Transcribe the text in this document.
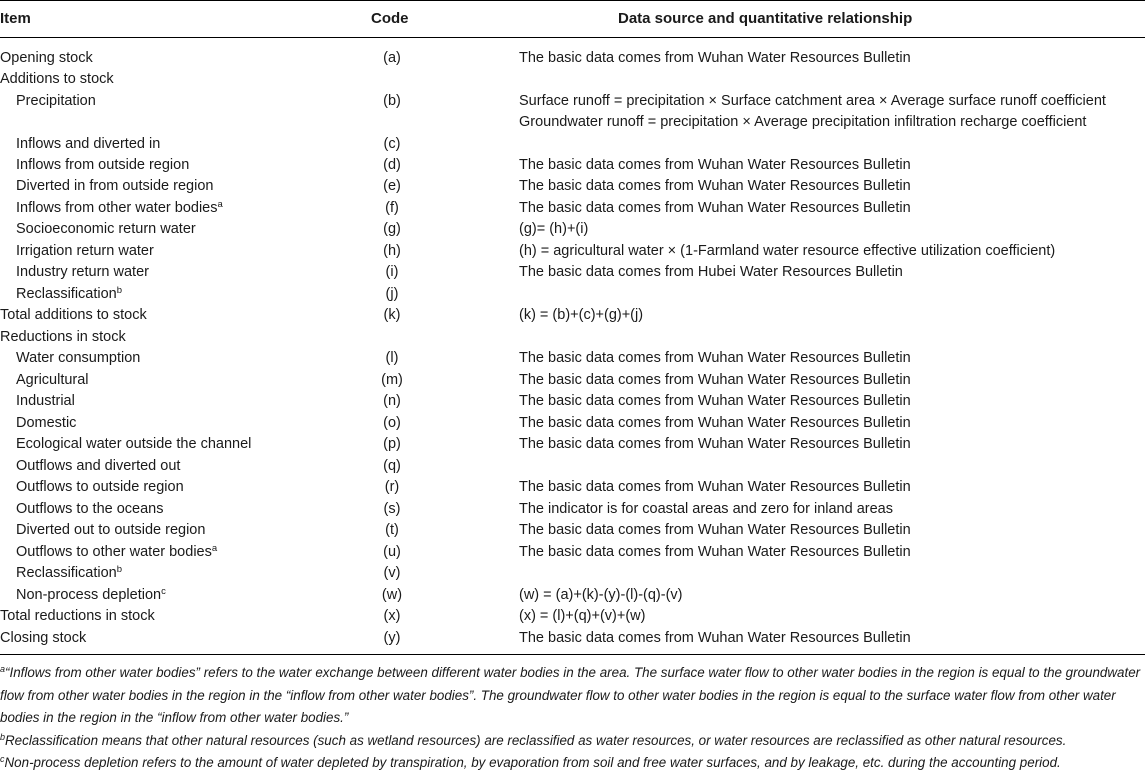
Item	Code	Data source and quantitative relationship
Opening stock	(a)	The basic data comes from Wuhan Water Resources Bulletin
Additions to stock
Precipitation	(b)	Surface runoff = precipitation × Surface catchment area × Average surface runoff coefficient
Groundwater runoff = precipitation × Average precipitation infiltration recharge coefficient
Inflows and diverted in	(c)
Inflows from outside region	(d)	The basic data comes from Wuhan Water Resources Bulletin
Diverted in from outside region	(e)	The basic data comes from Wuhan Water Resources Bulletin
Inflows from other water bodies$^a$	(f)	The basic data comes from Wuhan Water Resources Bulletin
Socioeconomic return water	(g)	(g)= (h)+(i)
Irrigation return water	(h)	(h) = agricultural water × (1-Farmland water resource effective utilization coefficient)
Industry return water	(i)	The basic data comes from Hubei Water Resources Bulletin
Reclassification$^b$	(j)
Total additions to stock	(k)	(k) = (b)+(c)+(g)+(j)
Reductions in stock
Water consumption	(l)	The basic data comes from Wuhan Water Resources Bulletin
Agricultural	(m)	The basic data comes from Wuhan Water Resources Bulletin
Industrial	(n)	The basic data comes from Wuhan Water Resources Bulletin
Domestic	(o)	The basic data comes from Wuhan Water Resources Bulletin
Ecological water outside the channel	(p)	The basic data comes from Wuhan Water Resources Bulletin
Outflows and diverted out	(q)
Outflows to outside region	(r)	The basic data comes from Wuhan Water Resources Bulletin
Outflows to the oceans	(s)	The indicator is for coastal areas and zero for inland areas
Diverted out to outside region	(t)	The basic data comes from Wuhan Water Resources Bulletin
Outflows to other water bodies$^a$	(u)	The basic data comes from Wuhan Water Resources Bulletin
Reclassification$^b$	(v)
Non-process depletion$^c$	(w)	(w) = (a)+(k)-(y)-(l)-(q)-(v)
Total reductions in stock	(x)	(x) = (l)+(q)+(v)+(w)
Closing stock	(y)	The basic data comes from Wuhan Water Resources Bulletin

$^a$“Inflows from other water bodies” refers to the water exchange between different water bodies in the area. The surface water flow to other water bodies in the region is equal to the groundwater flow from other water bodies in the region in the “inflow from other water bodies”. The groundwater flow to other water bodies in the region is equal to the surface water flow from other water bodies in the region in the “inflow from other water bodies.”

$^b$Reclassification means that other natural resources (such as wetland resources) are reclassified as water resources, or water resources are reclassified as other natural resources.

$^c$Non-process depletion refers to the amount of water depleted by transpiration, by evaporation from soil and free water surfaces, and by leakage, etc. during the accounting period.
